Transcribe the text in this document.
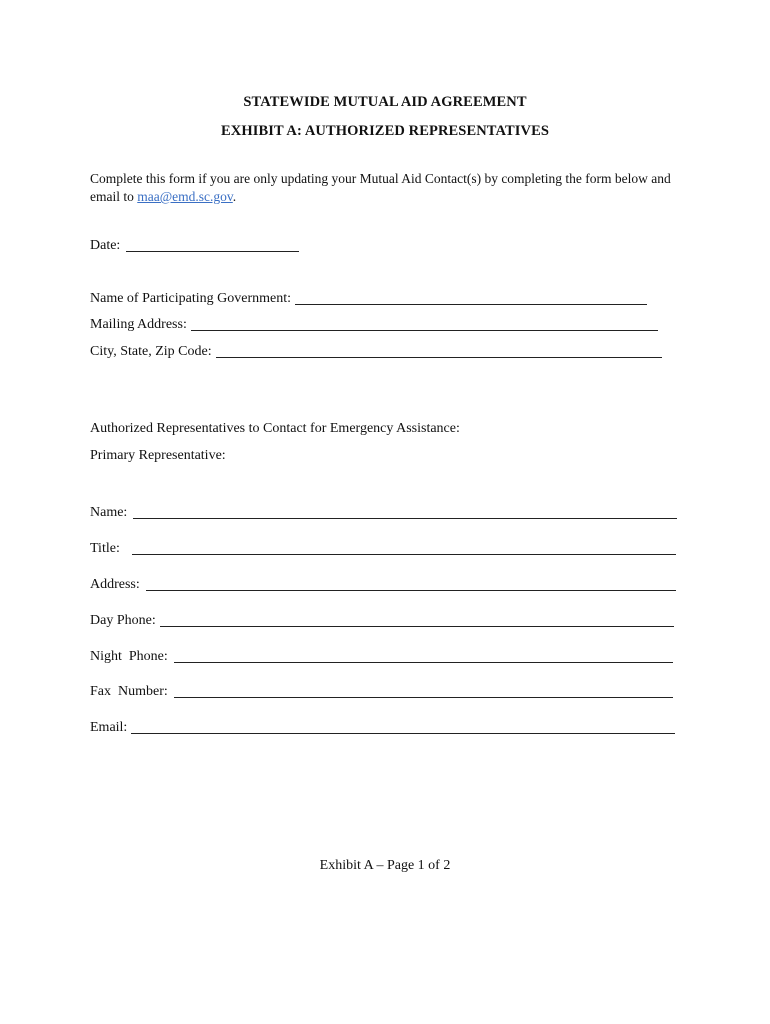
STATEWIDE MUTUAL AID AGREEMENT
EXHIBIT A: AUTHORIZED REPRESENTATIVES
Complete this form if you are only updating your Mutual Aid Contact(s) by completing the form below and email to maa@emd.sc.gov.
Date:
Name of Participating Government:
Mailing Address:
City, State, Zip Code:
Authorized Representatives to Contact for Emergency Assistance:
Primary Representative:
Name:
Title:
Address:
Day Phone:
Night  Phone:
Fax  Number:
Email:
Exhibit A – Page 1 of 2
